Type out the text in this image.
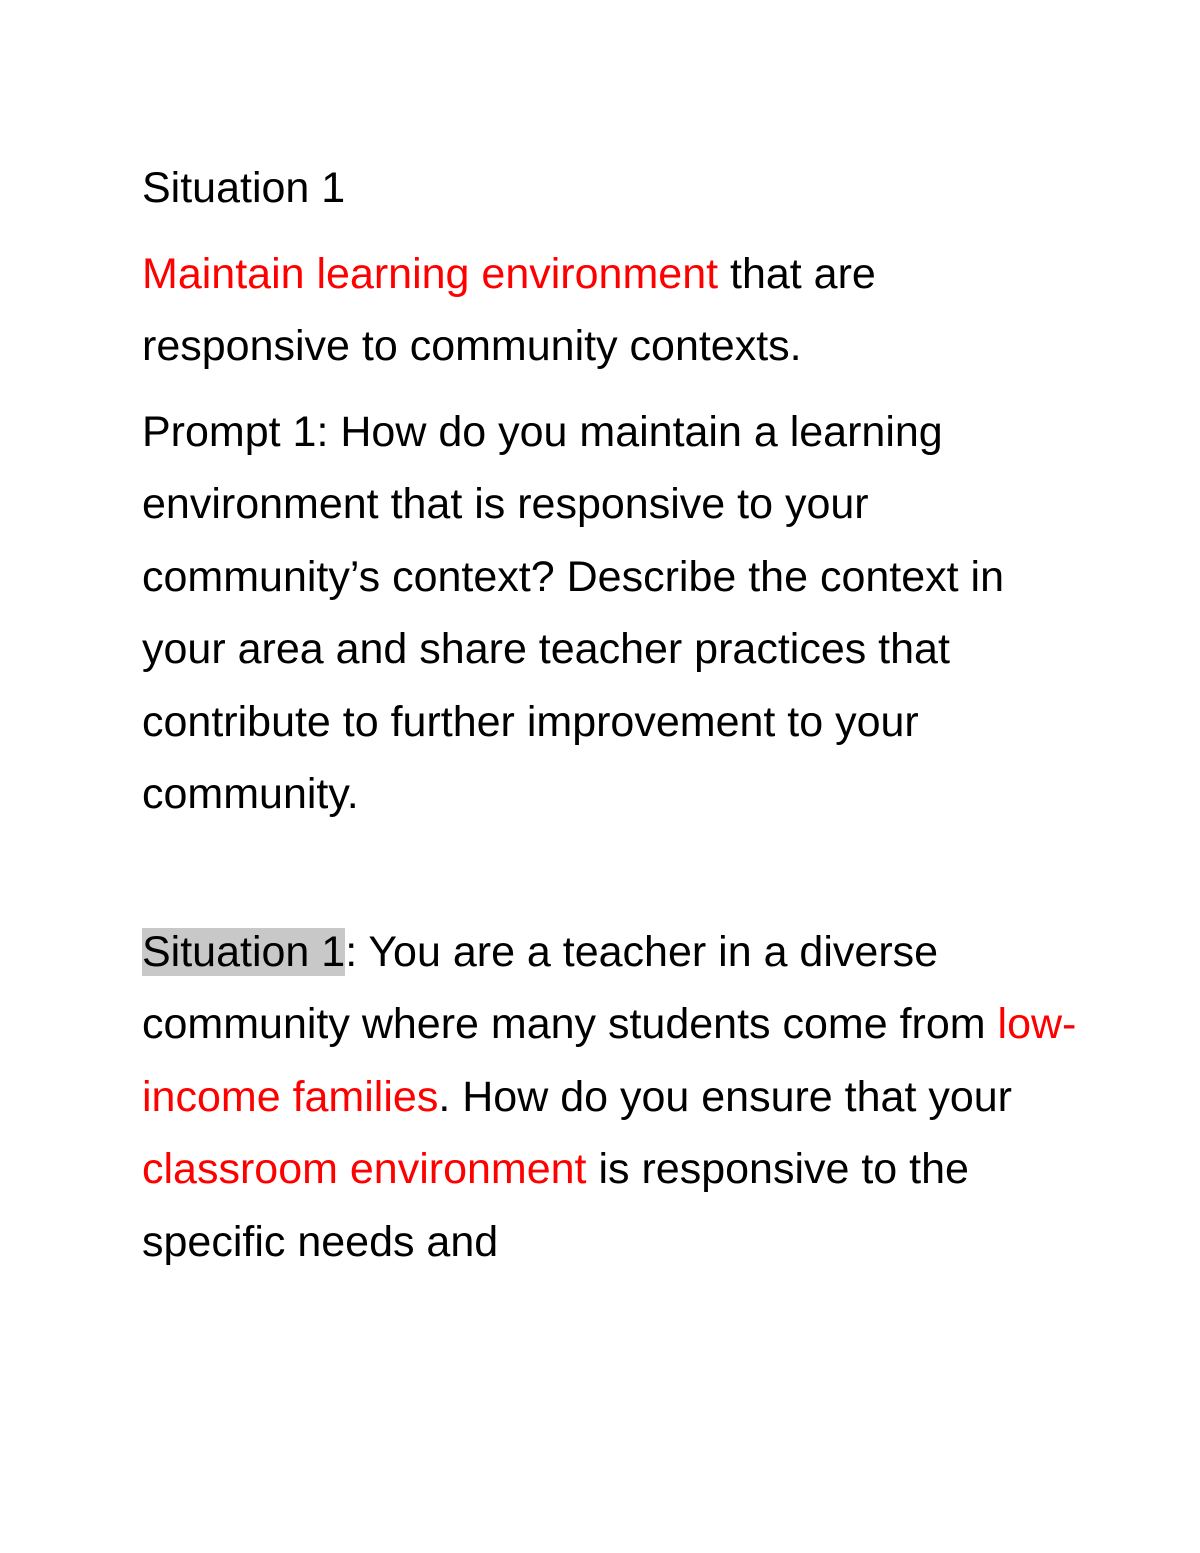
Situation 1

Maintain learning environment that are responsive to community contexts.

Prompt 1: How do you maintain a learning environment that is responsive to your community’s context? Describe the context in your area and share teacher practices that contribute to further improvement to your community.

Situation 1: You are a teacher in a diverse community where many students come from low-income families. How do you ensure that your classroom environment is responsive to the specific needs and
